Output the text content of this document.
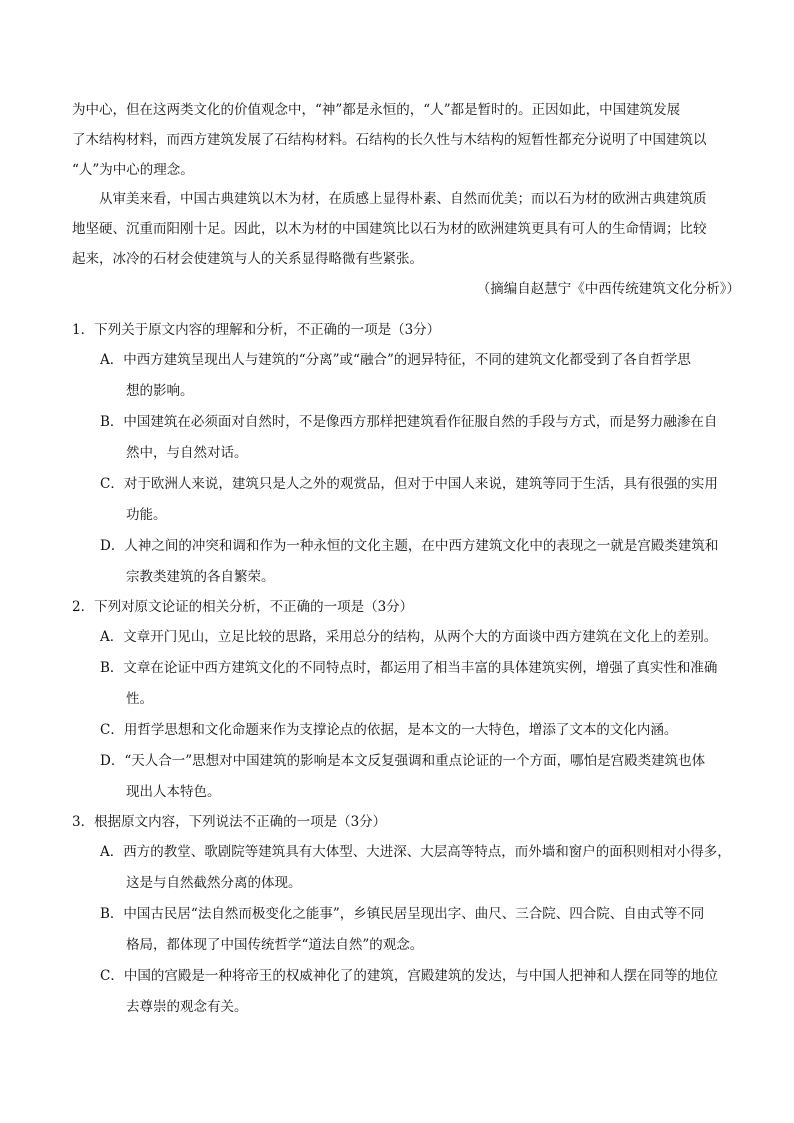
为中心，但在这两类文化的价值观念中，“神”都是永恒的，“人”都是暂时的。正因如此，中国建筑发展
了木结构材料，而西方建筑发展了石结构材料。石结构的长久性与木结构的短暂性都充分说明了中国建筑以
“人”为中心的理念。
从审美来看，中国古典建筑以木为材，在质感上显得朴素、自然而优美；而以石为材的欧洲古典建筑质
地坚硬、沉重而阳刚十足。因此，以木为材的中国建筑比以石为材的欧洲建筑更具有可人的生命情调；比较
起来，冰冷的石材会使建筑与人的关系显得略微有些紧张。
（摘编自赵慧宁《中西传统建筑文化分析》）
1．下列关于原文内容的理解和分析，不正确的一项是（3分）
A．中西方建筑呈现出人与建筑的“分离”或“融合”的迥异特征，不同的建筑文化都受到了各自哲学思
想的影响。
B．中国建筑在必须面对自然时，不是像西方那样把建筑看作征服自然的手段与方式，而是努力融渗在自
然中，与自然对话。
C．对于欧洲人来说，建筑只是人之外的观赏品，但对于中国人来说，建筑等同于生活，具有很强的实用
功能。
D．人神之间的冲突和调和作为一种永恒的文化主题，在中西方建筑文化中的表现之一就是宫殿类建筑和
宗教类建筑的各自繁荣。
2．下列对原文论证的相关分析，不正确的一项是（3分）
A．文章开门见山，立足比较的思路，采用总分的结构，从两个大的方面谈中西方建筑在文化上的差别。
B．文章在论证中西方建筑文化的不同特点时，都运用了相当丰富的具体建筑实例，增强了真实性和准确
性。
C．用哲学思想和文化命题来作为支撑论点的依据，是本文的一大特色，增添了文本的文化内涵。
D．“天人合一”思想对中国建筑的影响是本文反复强调和重点论证的一个方面，哪怕是宫殿类建筑也体
现出人本特色。
3．根据原文内容，下列说法不正确的一项是（3分）
A．西方的教堂、歌剧院等建筑具有大体型、大进深、大层高等特点，而外墙和窗户的面积则相对小得多，
这是与自然截然分离的体现。
B．中国古民居“法自然而极变化之能事”，乡镇民居呈现出字、曲尺、三合院、四合院、自由式等不同
格局，都体现了中国传统哲学“道法自然”的观念。
C．中国的宫殿是一种将帝王的权威神化了的建筑，宫殿建筑的发达，与中国人把神和人摆在同等的地位
去尊崇的观念有关。
